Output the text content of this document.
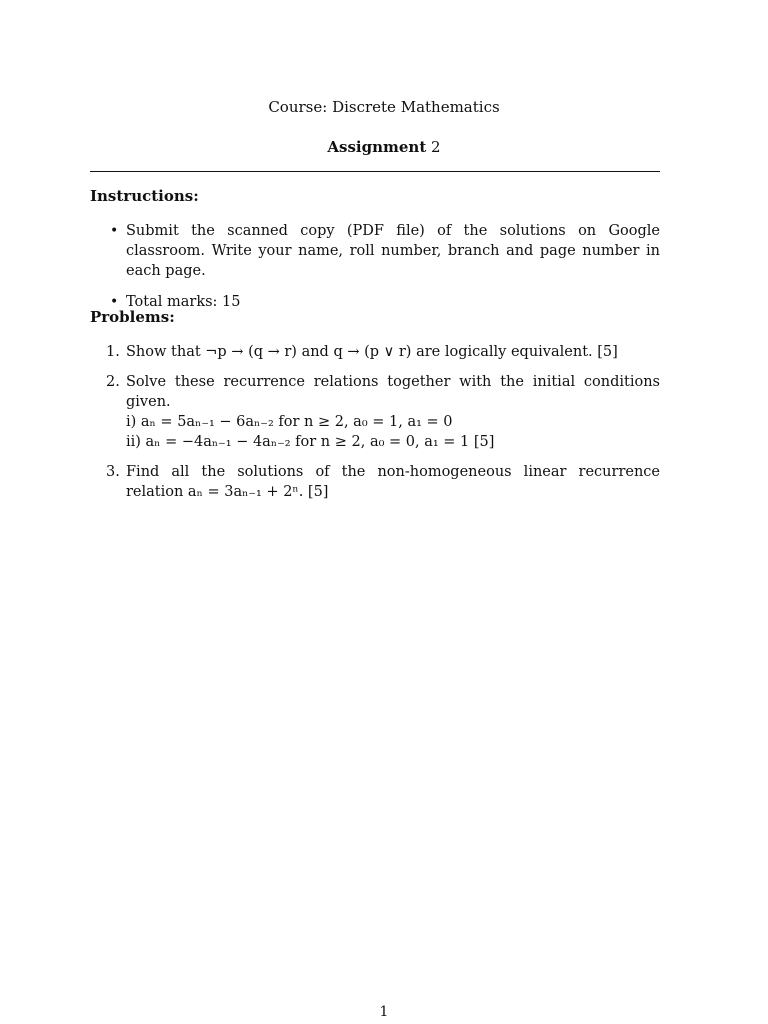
Course: Discrete Mathematics
Assignment 2
Instructions:
• Submit the scanned copy (PDF file) of the solutions on Google classroom. Write your name, roll number, branch and page number in each page.
• Total marks: 15
Problems:
1. Show that ¬p → (q → r) and q → (p ∨ r) are logically equivalent. [5]
2. Solve these recurrence relations together with the initial conditions given.
i) aₙ = 5aₙ₋₁ − 6aₙ₋₂ for n ≥ 2, a₀ = 1, a₁ = 0
ii) aₙ = −4aₙ₋₁ − 4aₙ₋₂ for n ≥ 2, a₀ = 0, a₁ = 1 [5]
3. Find all the solutions of the non-homogeneous linear recurrence relation aₙ = 3aₙ₋₁ + 2ⁿ. [5]
1
